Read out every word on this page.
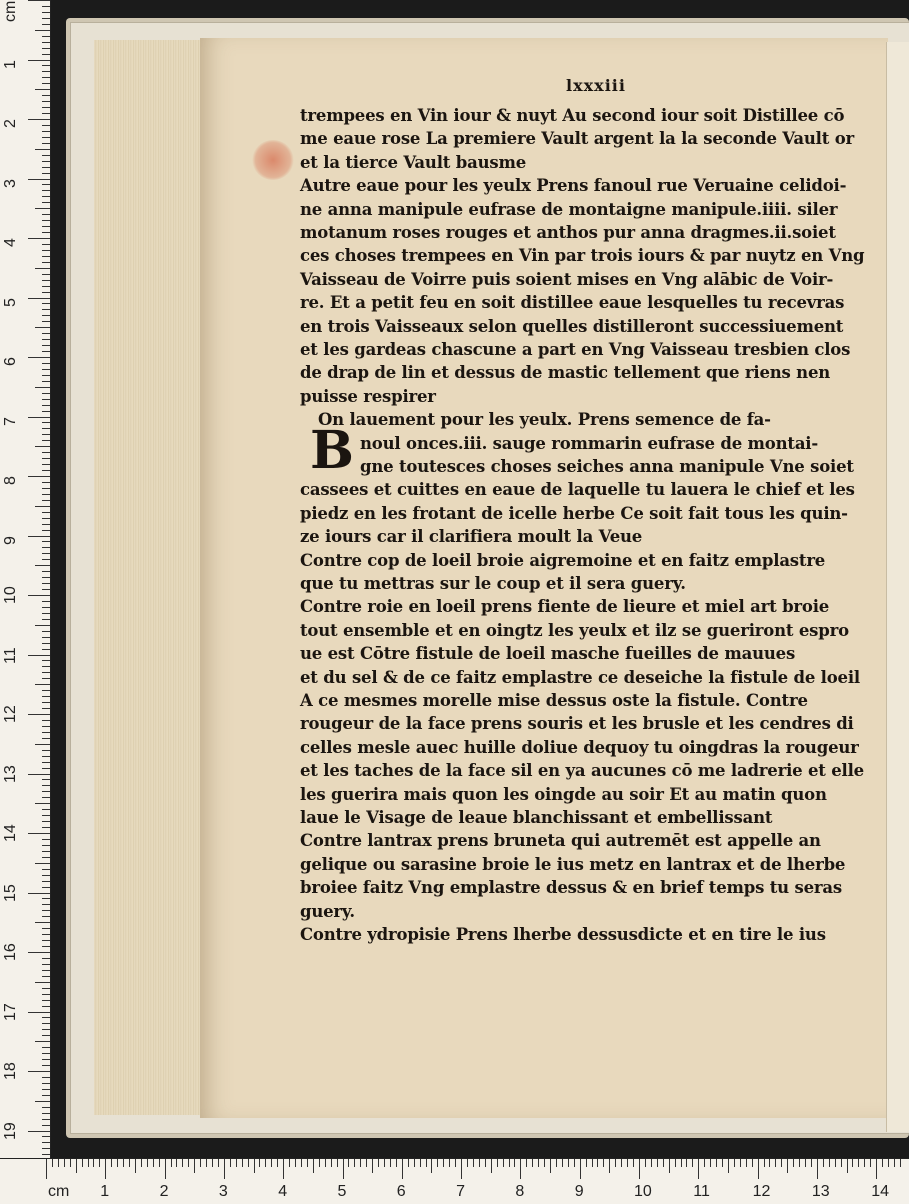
cm
1
2
3
4
5
6
7
8
9
10
11
12
13
14
15
16
17
18
19
lxxxiii
B
trempees en Vin iour & nuyt Au second iour soit Distillee cō
me eaue rose La premiere Vault argent la la seconde Vault or
et la tierce Vault bausme
Autre eaue pour les yeulx Prens fanoul rue Veruaine celidoi-
ne anna manipule eufrase de montaigne manipule.iiii. siler
motanum roses rouges et anthos pur anna dragmes.ii.soiet
ces choses trempees en Vin par trois iours & par nuytz en Vng
Vaisseau de Voirre puis soient mises en Vng alābic de Voir-
re. Et a petit feu en soit distillee eaue lesquelles tu recevras
en trois Vaisseaux selon quelles distilleront successiuement
et les gardeas chascune a part en Vng Vaisseau tresbien clos
de drap de lin et dessus de mastic tellement que riens nen
puisse respirer
On lauement pour les yeulx. Prens semence de fa-
noul onces.iii. sauge rommarin eufrase de montai-
gne toutesces choses seiches anna manipule Vne soiet
cassees et cuittes en eaue de laquelle tu lauera le chief et les
piedz en les frotant de icelle herbe Ce soit fait tous les quin-
ze iours car il clarifiera moult la Veue
Contre cop de loeil broie aigremoine et en faitz emplastre
que tu mettras sur le coup et il sera guery.
Contre roie en loeil prens fiente de lieure et miel art broie
tout ensemble et en oingtz les yeulx et ilz se gueriront espro
ue est Cōtre fistule de loeil masche fueilles de mauues
et du sel & de ce faitz emplastre ce deseiche la fistule de loeil
A ce mesmes morelle mise dessus oste la fistule. Contre
rougeur de la face prens souris et les brusle et les cendres di
celles mesle auec huille doliue dequoy tu oingdras la rougeur
et les taches de la face sil en ya aucunes cō me ladrerie et elle
les guerira mais quon les oingde au soir Et au matin quon
laue le Visage de leaue blanchissant et embellissant
Contre lantrax prens bruneta qui autremēt est appelle an
gelique ou sarasine broie le ius metz en lantrax et de lherbe
broiee faitz Vng emplastre dessus & en brief temps tu seras
guery.
Contre ydropisie Prens lherbe dessusdicte et en tire le ius
cm 1	2	3	4	5	6	7	8	9	10	11	12	13	14
